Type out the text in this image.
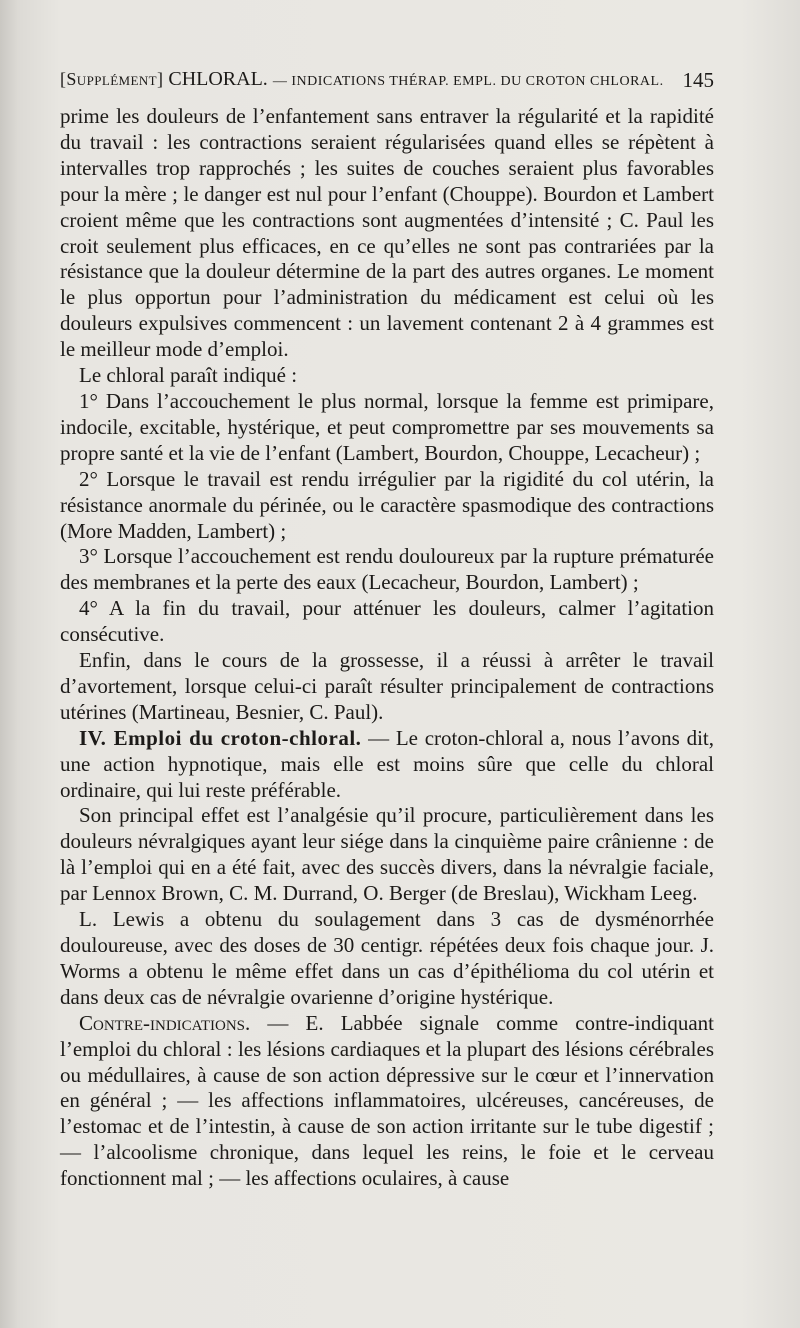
[Supplément] CHLORAL. — INDICATIONS THÉRAP. EMPL. DU CROTON CHLORAL. 145

prime les douleurs de l’enfantement sans entraver la régularité et la rapidité du travail : les contractions seraient régularisées quand elles se répètent à intervalles trop rapprochés ; les suites de couches seraient plus favorables pour la mère ; le danger est nul pour l’enfant (Chouppe). Bourdon et Lambert croient même que les contractions sont augmentées d’intensité ; C. Paul les croit seulement plus efficaces, en ce qu’elles ne sont pas contrariées par la résistance que la douleur détermine de la part des autres organes. Le moment le plus opportun pour l’administration du médicament est celui où les douleurs expulsives commencent : un lavement contenant 2 à 4 grammes est le meilleur mode d’emploi.

Le chloral paraît indiqué :

1° Dans l’accouchement le plus normal, lorsque la femme est primipare, indocile, excitable, hystérique, et peut compromettre par ses mouvements sa propre santé et la vie de l’enfant (Lambert, Bourdon, Chouppe, Lecacheur) ;

2° Lorsque le travail est rendu irrégulier par la rigidité du col utérin, la résistance anormale du périnée, ou le caractère spasmodique des contractions (More Madden, Lambert) ;

3° Lorsque l’accouchement est rendu douloureux par la rupture prématurée des membranes et la perte des eaux (Lecacheur, Bourdon, Lambert) ;

4° A la fin du travail, pour atténuer les douleurs, calmer l’agitation consécutive.

Enfin, dans le cours de la grossesse, il a réussi à arrêter le travail d’avortement, lorsque celui-ci paraît résulter principalement de contractions utérines (Martineau, Besnier, C. Paul).

IV. Emploi du croton-chloral. — Le croton-chloral a, nous l’avons dit, une action hypnotique, mais elle est moins sûre que celle du chloral ordinaire, qui lui reste préférable.

Son principal effet est l’analgésie qu’il procure, particulièrement dans les douleurs névralgiques ayant leur siége dans la cinquième paire crânienne : de là l’emploi qui en a été fait, avec des succès divers, dans la névralgie faciale, par Lennox Brown, C. M. Durrand, O. Berger (de Breslau), Wickham Leeg.

L. Lewis a obtenu du soulagement dans 3 cas de dysménorrhée douloureuse, avec des doses de 30 centigr. répétées deux fois chaque jour. J. Worms a obtenu le même effet dans un cas d’épithélioma du col utérin et dans deux cas de névralgie ovarienne d’origine hystérique.

Contre-indications. — E. Labbée signale comme contre-indiquant l’emploi du chloral : les lésions cardiaques et la plupart des lésions cérébrales ou médullaires, à cause de son action dépressive sur le cœur et l’innervation en général ; — les affections inflammatoires, ulcéreuses, cancéreuses, de l’estomac et de l’intestin, à cause de son action irritante sur le tube digestif ; — l’alcoolisme chronique, dans lequel les reins, le foie et le cerveau fonctionnent mal ; — les affections oculaires, à cause
